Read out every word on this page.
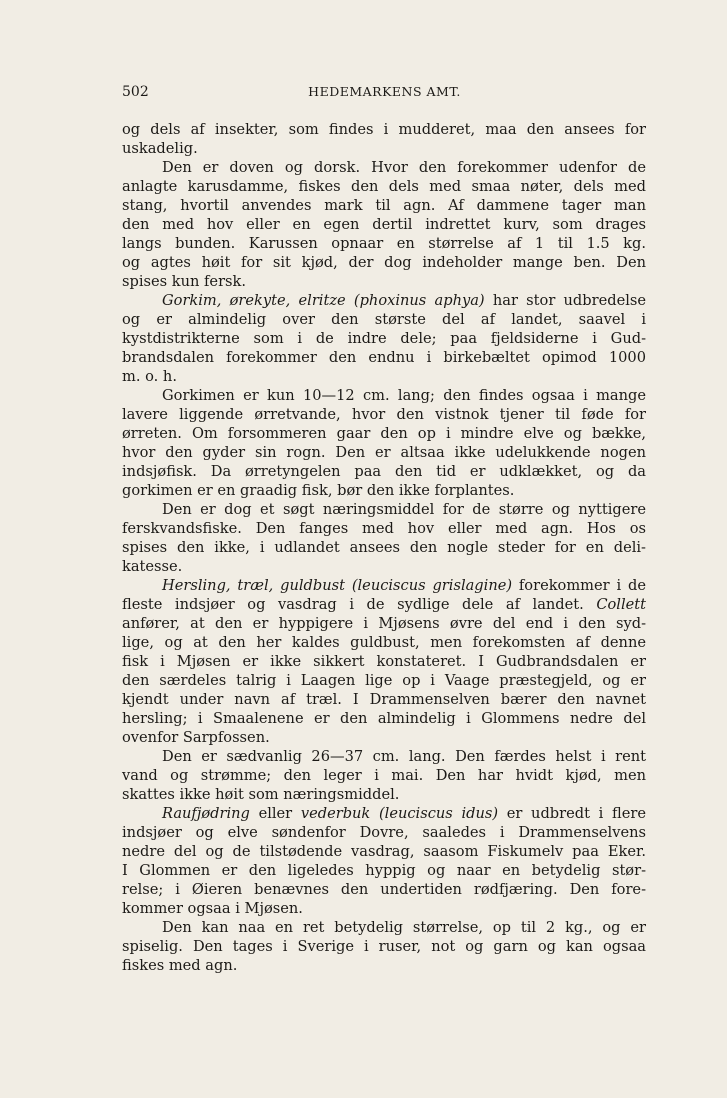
502	HEDEMARKENS AMT.
og dels af insekter, som findes i mudderet, maa den ansees for
uskadelig.
Den er doven og dorsk. Hvor den forekommer udenfor de
anlagte karusdamme, fiskes den dels med smaa nøter, dels med
stang, hvortil anvendes mark til agn. Af dammene tager man
den med hov eller en egen dertil indrettet kurv, som drages
langs bunden. Karussen opnaar en størrelse af 1 til 1.5 kg.
og agtes høit for sit kjød, der dog indeholder mange ben. Den
spises kun fersk.
Gorkim, ørekyte, elritze (phoxinus aphya) har stor udbredelse
og er almindelig over den største del af landet, saavel i
kystdistrikterne som i de indre dele; paa fjeldsiderne i Gud-
brandsdalen forekommer den endnu i birkebæltet opimod 1000
m. o. h.
Gorkimen er kun 10—12 cm. lang; den findes ogsaa i mange
lavere liggende ørretvande, hvor den vistnok tjener til føde for
ørreten. Om forsommeren gaar den op i mindre elve og bække,
hvor den gyder sin rogn. Den er altsaa ikke udelukkende nogen
indsjøfisk. Da ørretyngelen paa den tid er udklækket, og da
gorkimen er en graadig fisk, bør den ikke forplantes.
Den er dog et søgt næringsmiddel for de større og nyttigere
ferskvandsfiske. Den fanges med hov eller med agn. Hos os
spises den ikke, i udlandet ansees den nogle steder for en deli-
katesse.
Hersling, træl, guldbust (leuciscus grislagine) forekommer i de
fleste indsjøer og vasdrag i de sydlige dele af landet. Collett
anfører, at den er hyppigere i Mjøsens øvre del end i den syd-
lige, og at den her kaldes guldbust, men forekomsten af denne
fisk i Mjøsen er ikke sikkert konstateret. I Gudbrandsdalen er
den særdeles talrig i Laagen lige op i Vaage præstegjeld, og er
kjendt under navn af træl. I Drammenselven bærer den navnet
hersling; i Smaalenene er den almindelig i Glommens nedre del
ovenfor Sarpfossen.
Den er sædvanlig 26—37 cm. lang. Den færdes helst i rent
vand og strømme; den leger i mai. Den har hvidt kjød, men
skattes ikke høit som næringsmiddel.
Raufjødring eller vederbuk (leuciscus idus) er udbredt i flere
indsjøer og elve søndenfor Dovre, saaledes i Drammenselvens
nedre del og de tilstødende vasdrag, saasom Fiskumelv paa Eker.
I Glommen er den ligeledes hyppig og naar en betydelig stør-
relse; i Øieren benævnes den undertiden rødfjæring. Den fore-
kommer ogsaa i Mjøsen.
Den kan naa en ret betydelig størrelse, op til 2 kg., og er
spiselig. Den tages i Sverige i ruser, not og garn og kan ogsaa
fiskes med agn.
